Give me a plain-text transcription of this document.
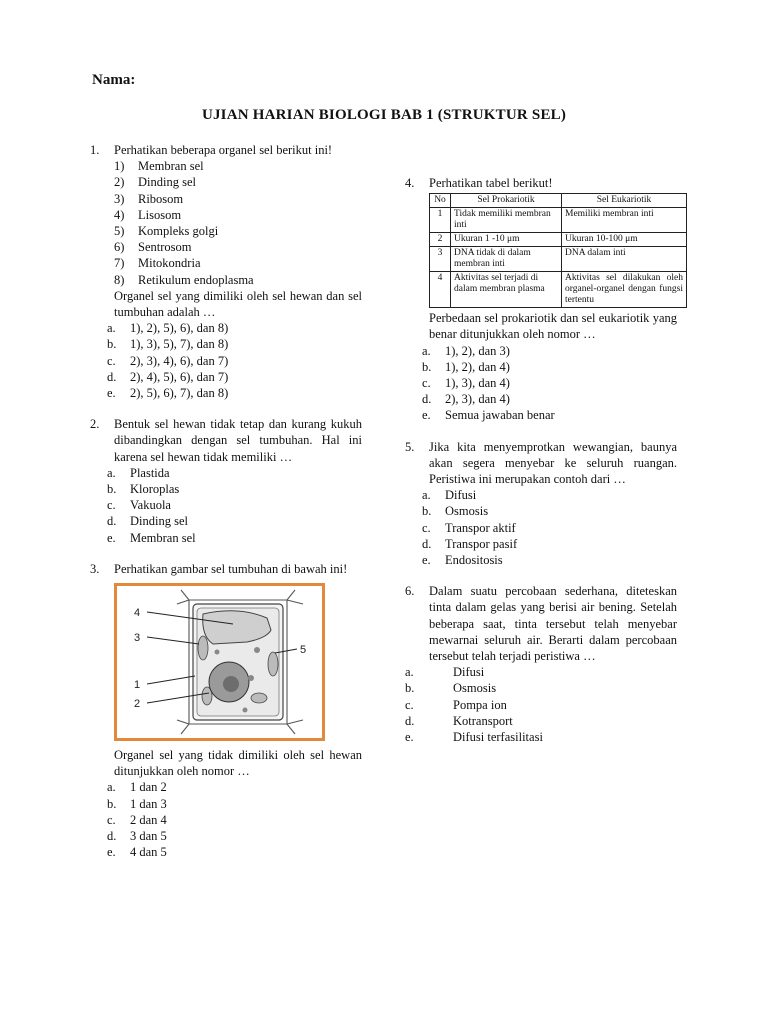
Nama:
UJIAN HARIAN BIOLOGI BAB 1 (STRUKTUR SEL)
1. Perhatikan beberapa organel sel berikut ini!
1)	Membran sel
2)	Dinding sel
3)	Ribosom
4)	Lisosom
5)	Kompleks golgi
6)	Sentrosom
7)	Mitokondria
8)	Retikulum endoplasma
Organel sel yang dimiliki oleh sel hewan dan sel tumbuhan adalah …
a.	1), 2), 5), 6), dan 8)
b.	1), 3), 5), 7), dan 8)
c.	2), 3), 4), 6), dan 7)
d.	2), 4), 5), 6), dan 7)
e.	2), 5), 6), 7), dan 8)
2. Bentuk sel hewan tidak tetap dan kurang kukuh dibandingkan dengan sel tumbuhan. Hal ini karena sel hewan tidak memiliki …
a.	Plastida
b.	Kloroplas
c.	Vakuola
d.	Dinding sel
e.	Membran sel
3. Perhatikan gambar sel tumbuhan di bawah ini!
4
3
5
1
2
Organel sel yang tidak dimiliki oleh sel hewan ditunjukkan oleh nomor …
a.	1 dan 2
b.	1 dan 3
c.	2 dan 4
d.	3 dan 5
e.	4 dan 5
4. Perhatikan tabel berikut!
No	Sel Prokariotik	Sel Eukariotik
1	Tidak memiliki membran inti	Memiliki membran inti
2	Ukuran 1 -10 μm	Ukuran 10-100 μm
3	DNA tidak di dalam membran inti	DNA dalam inti
4	Aktivitas sel terjadi di dalam membran plasma	Aktivitas sel dilakukan oleh organel-organel dengan fungsi tertentu
Perbedaan sel prokariotik dan sel eukariotik yang benar ditunjukkan oleh nomor …
a.	1), 2), dan 3)
b.	1), 2), dan 4)
c.	1), 3), dan 4)
d.	2), 3), dan 4)
e.	Semua jawaban benar
5. Jika kita menyemprotkan wewangian, baunya akan segera menyebar ke seluruh ruangan. Peristiwa ini merupakan contoh dari …
a.	Difusi
b.	Osmosis
c.	Transpor aktif
d.	Transpor pasif
e.	Endositosis
6. Dalam suatu percobaan sederhana, diteteskan tinta dalam gelas yang berisi air bening. Setelah beberapa saat, tinta tersebut telah menyebar mewarnai seluruh air. Berarti dalam percobaan tersebut telah terjadi peristiwa …
a.	Difusi
b.	Osmosis
c.	Pompa ion
d.	Kotransport
e.	Difusi terfasilitasi
